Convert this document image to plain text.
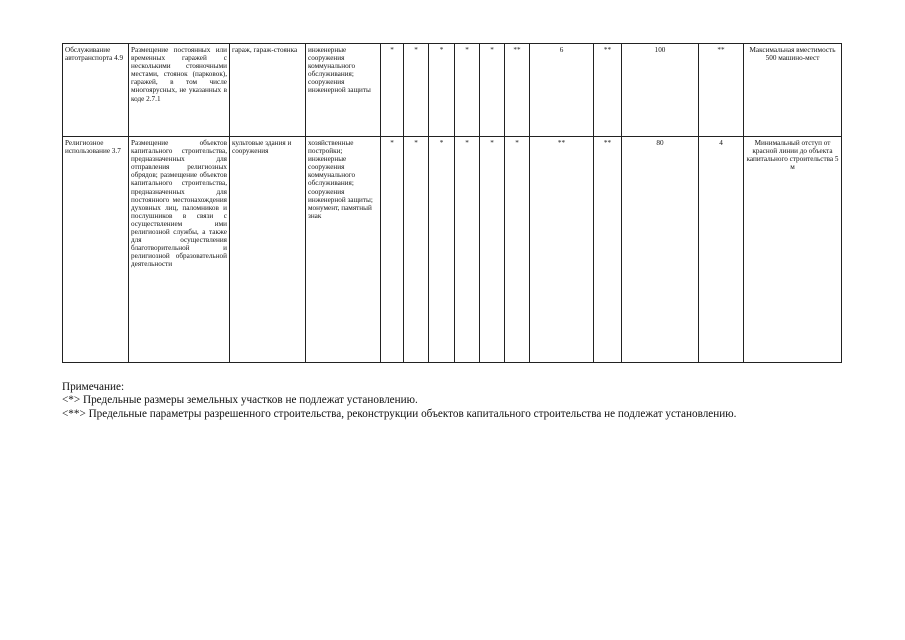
Обслуживание автотранспорта 4.9	Размещение постоянных или временных гаражей с несколькими стояночными местами, стоянок (парковок), гаражей, в том числе многоярусных, не указанных в коде 2.7.1	гараж, гараж-стоянка	инженерные сооружения коммунального обслуживания; сооружения инженерной защиты	*	*	*	*	*	**	6	**	100	**	Максимальная вместимость 500 машино-мест
Религиозное использование 3.7	Размещение объектов капитального строительства, предназначенных для отправления религиозных обрядов; размещение объектов капитального строительства, предназначенных для постоянного местонахождения духовных лиц, паломников и послушников в связи с осуществлением ими религиозной службы, а также для осуществления благотворительной и религиозной образовательной деятельности	культовые здания и сооружения	хозяйственные постройки; инженерные сооружения коммунального обслуживания; сооружения инженерной защиты; монумент, памятный знак	*	*	*	*	*	*	**	**	80	4	Минимальный отступ от красной линии до объекта капитального строительства 5 м

Примечание:

<*> Предельные размеры земельных участков не подлежат установлению.

<**> Предельные параметры разрешенного строительства, реконструкции объектов капитального строительства не подлежат установлению.
